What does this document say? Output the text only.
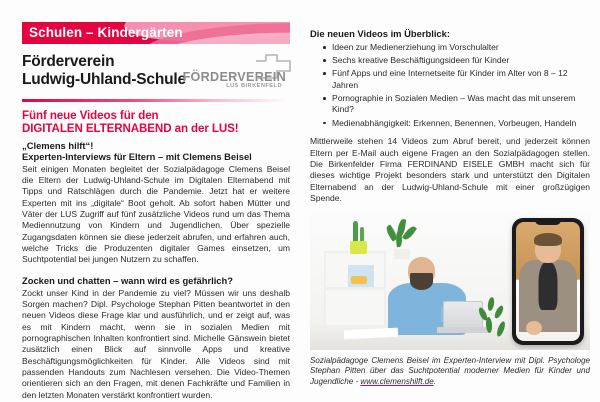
Schulen – Kindergärten
Förderverein
Ludwig-Uhland-Schule
FÖRDERVEREIN
LUS BIRKENFELD
Fünf neue Videos für den
DIGITALEN ELTERNABEND an der LUS!
„Clemens hilft“!
Experten-Interviews für Eltern – mit Clemens Beisel
Seit einigen Monaten begleitet der Sozialpädagoge Clemens Beisel die Eltern der Ludwig-Uhland-Schule im Digitalen Elternabend mit Tipps und Ratschlägen durch die Pandemie. Jetzt hat er weitere Experten mit ins „digitale“ Boot geholt. Ab sofort haben Mütter und Väter der LUS Zugriff auf fünf zusätzliche Videos rund um das Thema Mediennutzung von Kindern und Jugendlichen. Über spezielle Zugangsdaten können sie diese jederzeit abrufen, und erfahren auch, welche Tricks die Produzenten digitaler Games einsetzen, um Suchtpotential bei jungen Nutzern zu schaffen.
Zocken und chatten – wann wird es gefährlich?
Zockt unser Kind in der Pandemie zu viel? Müssen wir uns deshalb Sorgen machen? Dipl. Psychologe Stephan Pitten beantwortet in den neuen Videos diese Frage klar und ausführlich, und er zeigt auf, was es mit Kindern macht, wenn sie in sozialen Medien mit pornographischen Inhalten konfrontiert sind. Michelle Gänswein bietet zusätzlich einen Blick auf sinnvolle Apps und kreative Beschäftigungsmöglichkeiten für Kinder. Alle Videos sind mit passenden Handouts zum Nachlesen versehen. Die Video-Themen orientieren sich an den Fragen, mit denen Fachkräfte und Familien in den letzten Monaten verstärkt konfrontiert wurden.
Die neuen Videos im Überblick:
Ideen zur Medienerziehung im Vorschulalter
Sechs kreative Beschäftigungsideen für Kinder
Fünf Apps und eine Internetseite für Kinder im Alter von 8 – 12 Jahren
Pornographie in Sozialen Medien – Was macht das mit unserem Kind?
Medienabhängigkeit: Erkennen, Benennen, Vorbeugen, Handeln
Mittlerweile stehen 14 Videos zum Abruf bereit, und jederzeit können Eltern per E-Mail auch eigene Fragen an den Sozialpädagogen stellen. Die Birkenfelder Firma FERDINAND EISELE GMBH macht sich für dieses wichtige Projekt besonders stark und unterstützt den Digitalen Elternabend an der Ludwig-Uhland-Schule mit einer großzügigen Spende.
Sozialpädagoge Clemens Beisel im Experten-Interview mit Dipl. Psychologe Stephan Pitten über das Suchtpotential moderner Medien für Kinder und Jugendliche - www.clemenshilft.de.
